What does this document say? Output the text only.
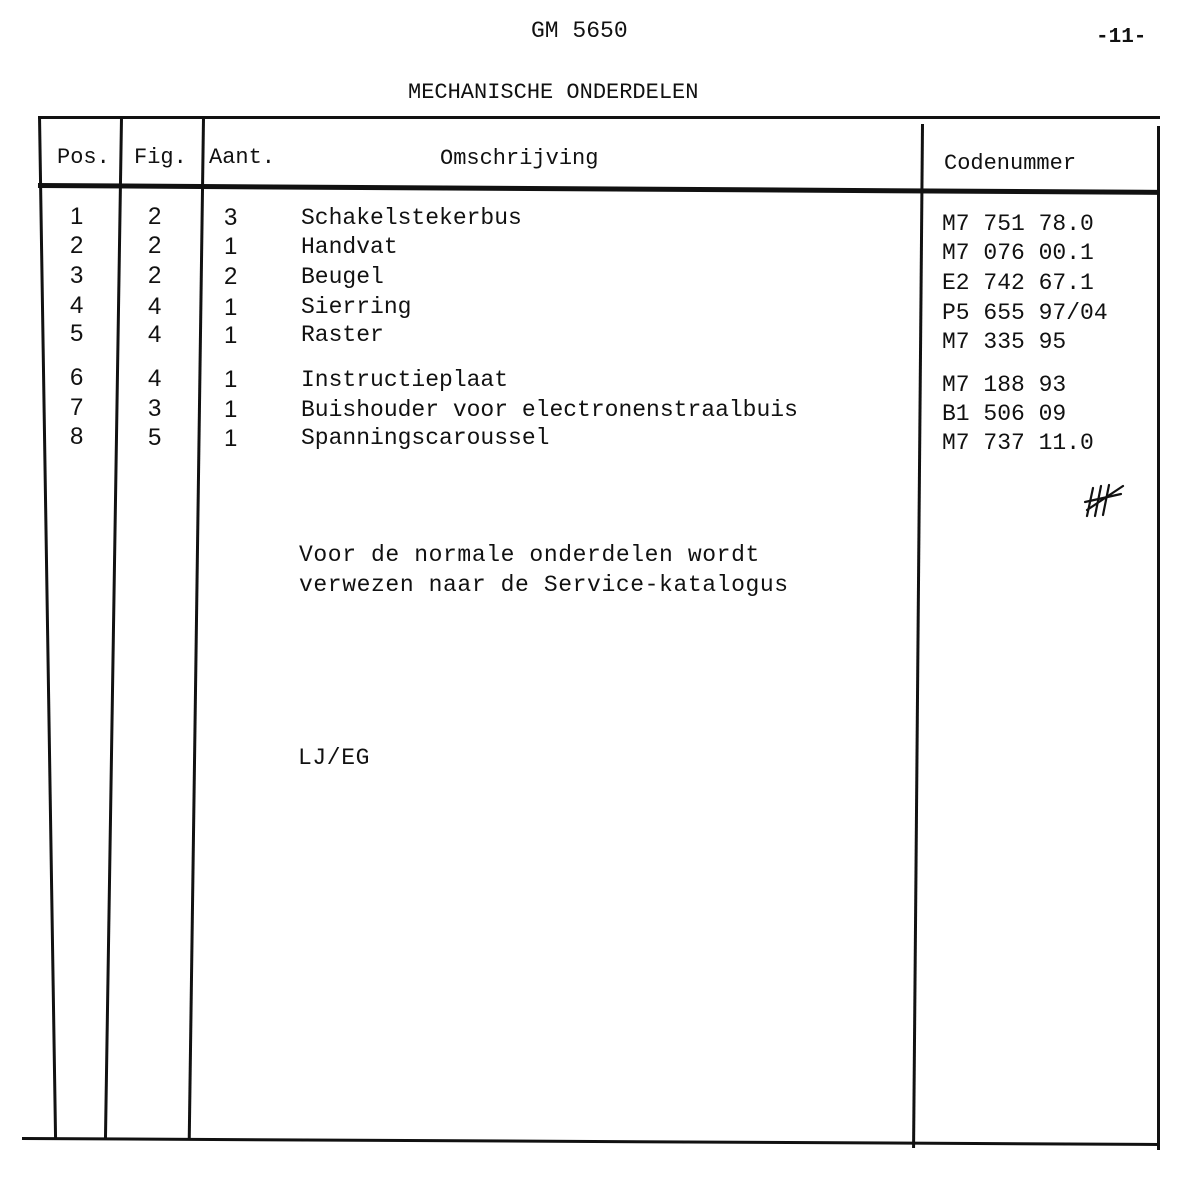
GM 5650	-11-
MECHANISCHE ONDERDELEN
Pos. Fig. Aant.	Omschrijving	Codenummer
1	2	3	Schakelstekerbus	M7 751 78.0
2	2	1	Handvat	M7 076 00.1
3	2	2	Beugel	E2 742 67.1
4	4	1	Sierring	P5 655 97/04
5	4	1	Raster	M7 335 95
6	4	1	Instructieplaat	M7 188 93
7	3	1	Buishouder voor electronenstraalbuis	B1 506 09
8	5	1	Spanningscaroussel	M7 737 11.0
Voor de normale onderdelen wordt
verwezen naar de Service-katalogus
LJ/EG
